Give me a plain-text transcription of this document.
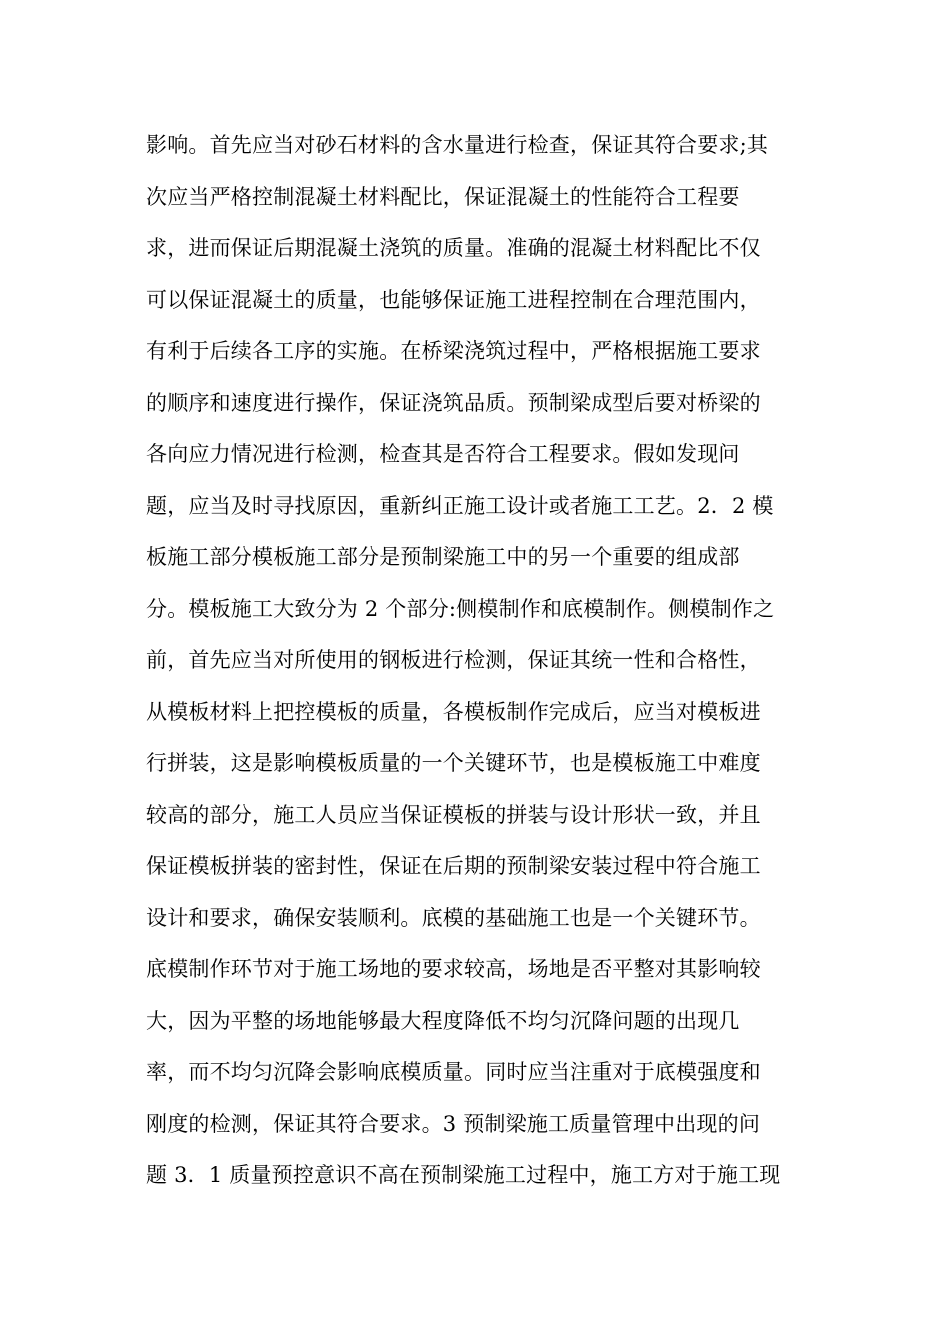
影响。首先应当对砂石材料的含水量进行检查，保证其符合要求;其
次应当严格控制混凝土材料配比，保证混凝土的性能符合工程要
求，进而保证后期混凝土浇筑的质量。准确的混凝土材料配比不仅
可以保证混凝土的质量，也能够保证施工进程控制在合理范围内，
有利于后续各工序的实施。在桥梁浇筑过程中，严格根据施工要求
的顺序和速度进行操作，保证浇筑品质。预制梁成型后要对桥梁的
各向应力情况进行检测，检查其是否符合工程要求。假如发现问
题，应当及时寻找原因，重新纠正施工设计或者施工工艺。2．2 模
板施工部分模板施工部分是预制梁施工中的另一个重要的组成部
分。模板施工大致分为 2 个部分:侧模制作和底模制作。侧模制作之
前，首先应当对所使用的钢板进行检测，保证其统一性和合格性，
从模板材料上把控模板的质量，各模板制作完成后，应当对模板进
行拼装，这是影响模板质量的一个关键环节，也是模板施工中难度
较高的部分，施工人员应当保证模板的拼装与设计形状一致，并且
保证模板拼装的密封性，保证在后期的预制梁安装过程中符合施工
设计和要求，确保安装顺利。底模的基础施工也是一个关键环节。
底模制作环节对于施工场地的要求较高，场地是否平整对其影响较
大，因为平整的场地能够最大程度降低不均匀沉降问题的出现几
率，而不均匀沉降会影响底模质量。同时应当注重对于底模强度和
刚度的检测，保证其符合要求。3 预制梁施工质量管理中出现的问
题 3．1 质量预控意识不高在预制梁施工过程中，施工方对于施工现
